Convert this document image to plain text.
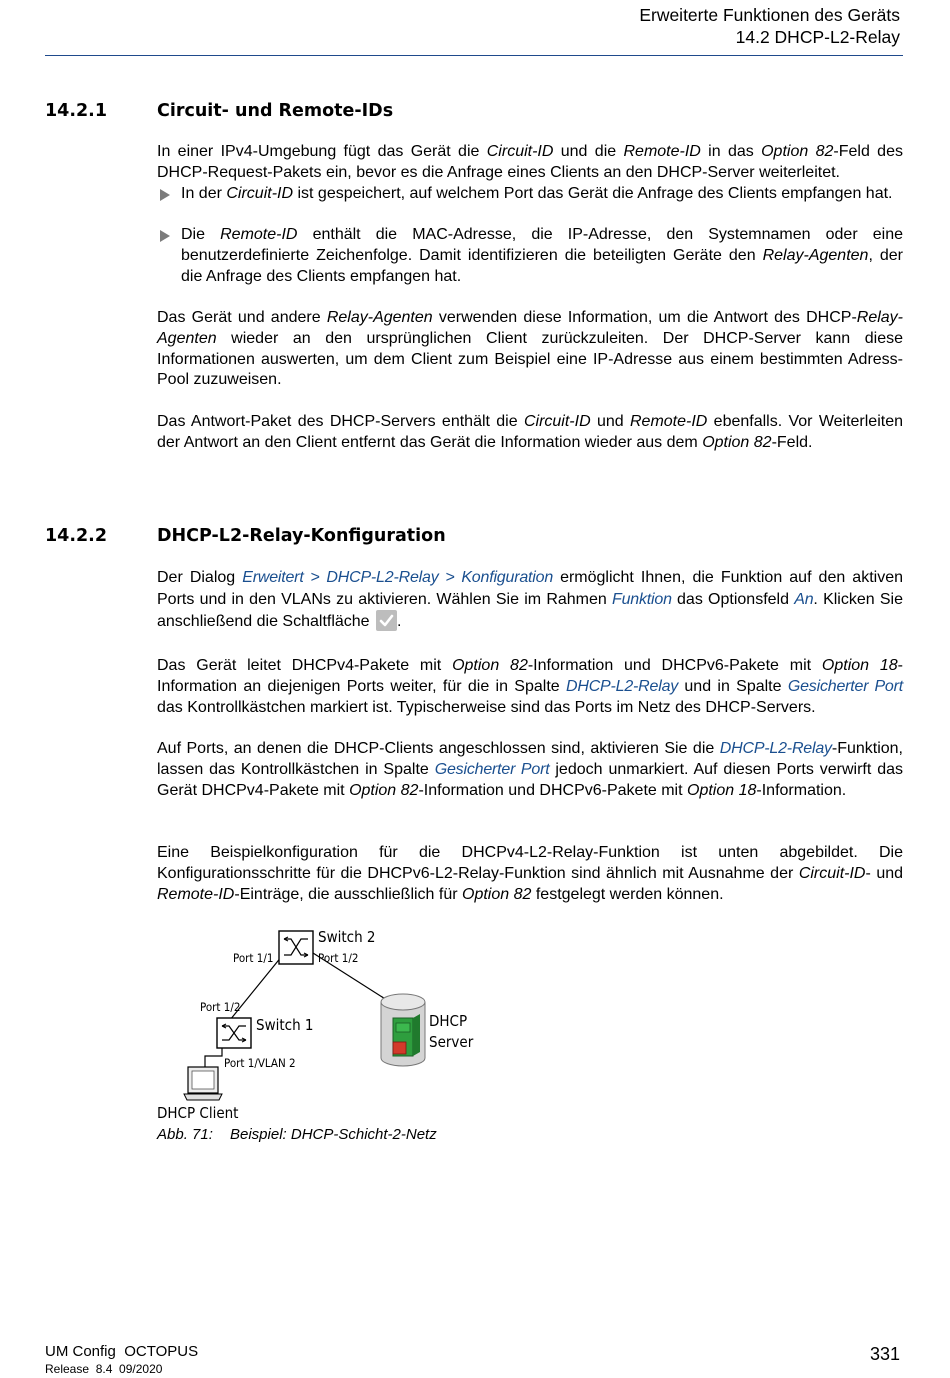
Erweiterte Funktionen des Geräts
14.2 DHCP-L2-Relay
14.2.1	Circuit- und Remote-IDs
In einer IPv4-Umgebung fügt das Gerät die Circuit-ID und die Remote-ID in das Option 82-Feld des DHCP-Request-Pakets ein, bevor es die Anfrage eines Clients an den DHCP-Server weiterleitet.
In der Circuit-ID ist gespeichert, auf welchem Port das Gerät die Anfrage des Clients empfangen hat.
Die Remote-ID enthält die MAC-Adresse, die IP-Adresse, den Systemnamen oder eine benutzerdefinierte Zeichenfolge. Damit identifizieren die beteiligten Geräte den Relay-Agenten, der die Anfrage des Clients empfangen hat.
Das Gerät und andere Relay-Agenten verwenden diese Information, um die Antwort des DHCP-Relay-Agenten wieder an den ursprünglichen Client zurückzuleiten. Der DHCP-Server kann diese Informationen auswerten, um dem Client zum Beispiel eine IP-Adresse aus einem bestimmten Adress-Pool zuzuweisen.
Das Antwort-Paket des DHCP-Servers enthält die Circuit-ID und Remote-ID ebenfalls. Vor Weiterleiten der Antwort an den Client entfernt das Gerät die Information wieder aus dem Option 82-Feld.
14.2.2	DHCP-L2-Relay-Konfiguration
Der Dialog Erweitert > DHCP-L2-Relay > Konfiguration ermöglicht Ihnen, die Funktion auf den aktiven Ports und in den VLANs zu aktivieren. Wählen Sie im Rahmen Funktion das Optionsfeld An. Klicken Sie anschließend die Schaltfläche
.
Das Gerät leitet DHCPv4-Pakete mit Option 82-Information und DHCPv6-Pakete mit Option 18-Information an diejenigen Ports weiter, für die in Spalte DHCP-L2-Relay und in Spalte Gesicherter Port das Kontrollkästchen markiert ist. Typischerweise sind das Ports im Netz des DHCP-Servers.
Auf Ports, an denen die DHCP-Clients angeschlossen sind, aktivieren Sie die DHCP-L2-Relay-Funktion, lassen das Kontrollkästchen in Spalte Gesicherter Port jedoch unmarkiert. Auf diesen Ports verwirft das Gerät DHCPv4-Pakete mit Option 82-Information und DHCPv6-Pakete mit Option 18-Information.
Eine Beispielkonfiguration für die DHCPv4-L2-Relay-Funktion ist unten abgebildet. Die Konfigurationsschritte für die DHCPv6-L2-Relay-Funktion sind ähnlich mit Ausnahme der Circuit-ID- und Remote-ID-Einträge, die ausschließlich für Option 82 festgelegt werden können.
Switch 2
Port 1/1	Port 1/2
Switch 1
Port 1/2
Port 1/VLAN 2
DHCP
Server
DHCP Client
Abb. 71: Beispiel: DHCP-Schicht-2-Netz
UM Config  OCTOPUS
Release  8.4  09/2020
331
